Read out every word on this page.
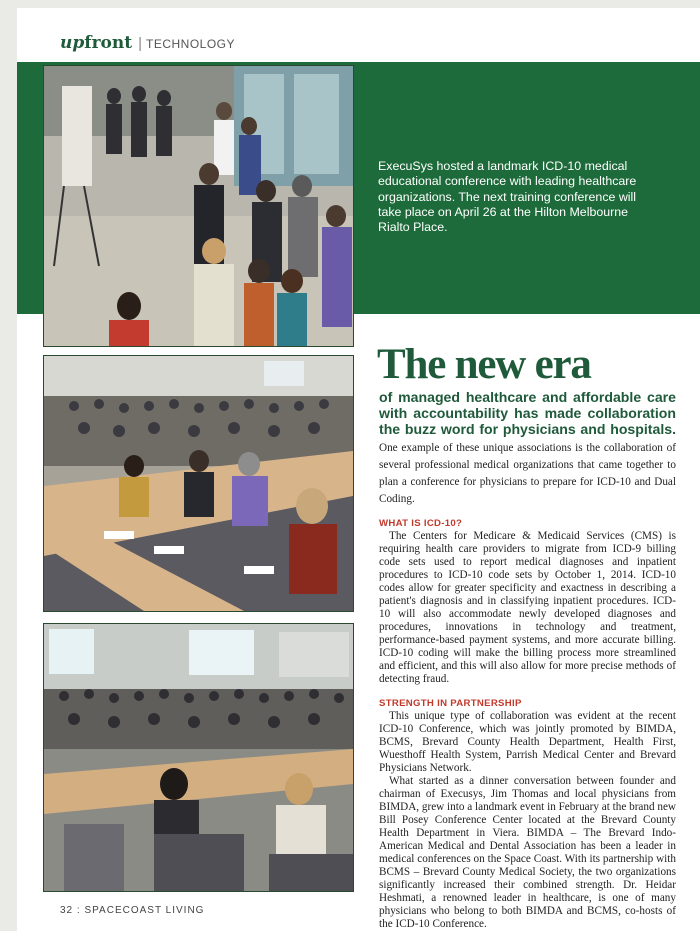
up front | TECHNOLOGY
ExecuSys hosted a landmark ICD-10 medical educational conference with leading healthcare organizations. The next training conference will take place on April 26 at the Hilton Melbourne Rialto Place.
The new era

of managed healthcare and affordable care with accountability has made collaboration the buzz word for physicians and hospitals. One example of these unique associations is the collaboration of several professional medical organizations that came together to plan a conference for physicians to prepare for ICD-10 and Dual Coding.

WHAT IS ICD-10?

The Centers for Medicare & Medicaid Services (CMS) is requiring health care providers to migrate from ICD-9 billing code sets used to report medical diagnoses and inpatient procedures to ICD-10 code sets by October 1, 2014. ICD-10 codes allow for greater specificity and exactness in describing a patient's diagnosis and in classifying inpatient procedures. ICD-10 will also accommodate newly developed diagnoses and procedures, innovations in technology and treatment, performance-based payment systems, and more accurate billing. ICD-10 coding will make the billing process more streamlined and efficient, and this will also allow for more precise methods of detecting fraud.

STRENGTH IN PARTNERSHIP

This unique type of collaboration was evident at the recent ICD-10 Conference, which was jointly promoted by BIMDA, BCMS, Brevard County Health Department, Health First, Wuesthoff Health System, Parrish Medical Center and Brevard Physicians Network.

What started as a dinner conversation between founder and chairman of Execusys, Jim Thomas and local physicians from BIMDA, grew into a landmark event in February at the brand new Bill Posey Conference Center located at the Brevard County Health Department in Viera. BIMDA – The Brevard Indo-American Medical and Dental Association has been a leader in medical conferences on the Space Coast. With its partnership with BCMS – Brevard County Medical Society, the two organizations significantly increased their combined strength. Dr. Heidar Heshmati, a renowned leader in healthcare, is one of many physicians who belong to both BIMDA and BCMS, co-hosts of the ICD-10 Conference.

32 : SPACECOAST LIVING
